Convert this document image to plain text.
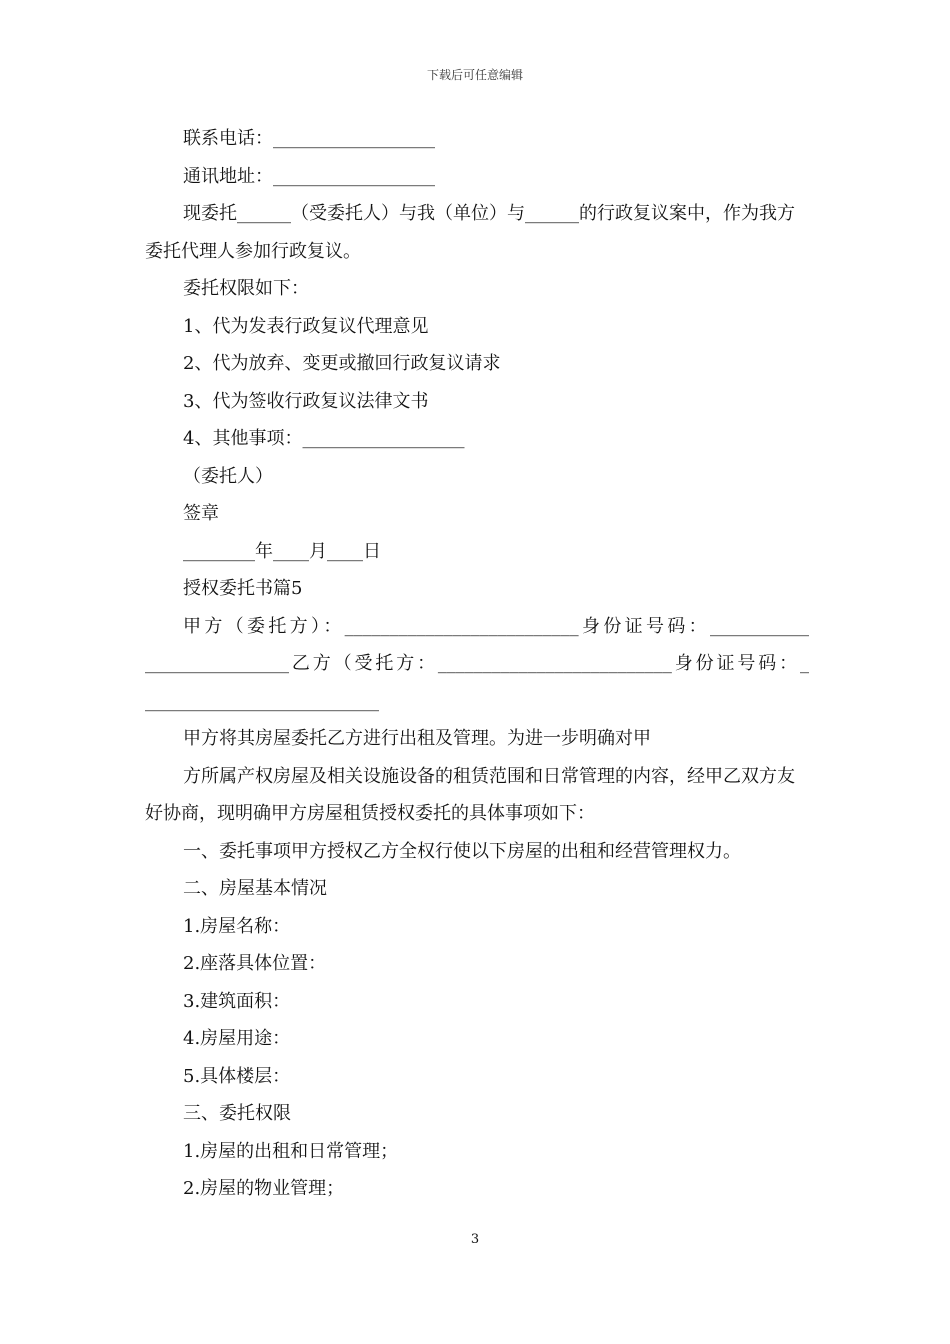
下载后可任意编辑

联系电话：__________________

通讯地址：__________________

现委托______（受委托人）与我（单位）与______的行政复议案中，作为我方委托代理人参加行政复议。

委托权限如下：

1、代为发表行政复议代理意见

2、代为放弃、变更或撤回行政复议请求

3、代为签收行政复议法律文书

4、其他事项：__________________

（委托人）

签章

________年____月____日

授权委托书篇5

甲方（委托方）：__________________________身份证号码：___________

________________乙方（受托方：__________________________身份证号码：_

__________________________

甲方将其房屋委托乙方进行出租及管理。为进一步明确对甲

方所属产权房屋及相关设施设备的租赁范围和日常管理的内容，经甲乙双方友好协商，现明确甲方房屋租赁授权委托的具体事项如下：

一、委托事项甲方授权乙方全权行使以下房屋的出租和经营管理权力。

二、房屋基本情况

1.房屋名称：

2.座落具体位置：

3.建筑面积：

4.房屋用途：

5.具体楼层：

三、委托权限

1.房屋的出租和日常管理；

2.房屋的物业管理；

3
